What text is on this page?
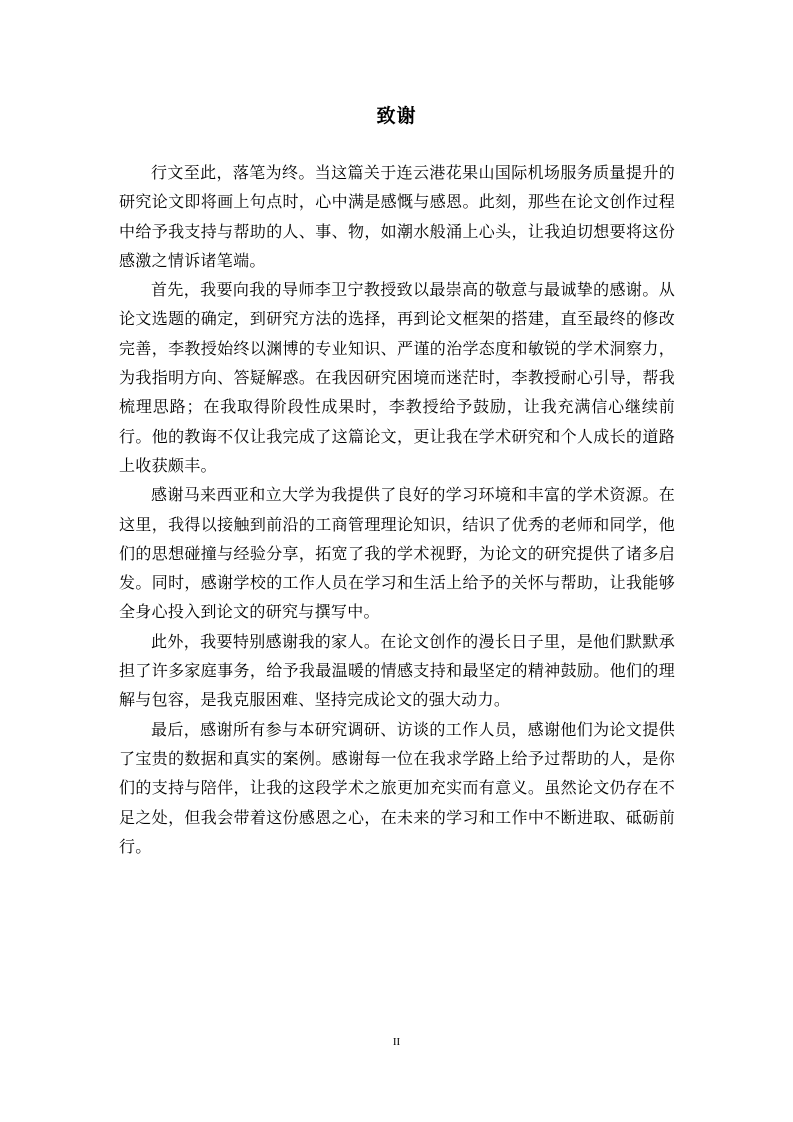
致谢

行文至此，落笔为终。当这篇关于连云港花果山国际机场服务质量提升的研究论文即将画上句点时，心中满是感慨与感恩。此刻，那些在论文创作过程中给予我支持与帮助的人、事、物，如潮水般涌上心头，让我迫切想要将这份感激之情诉诸笔端。

首先，我要向我的导师李卫宁教授致以最崇高的敬意与最诚挚的感谢。从论文选题的确定，到研究方法的选择，再到论文框架的搭建，直至最终的修改完善，李教授始终以渊博的专业知识、严谨的治学态度和敏锐的学术洞察力，为我指明方向、答疑解惑。在我因研究困境而迷茫时，李教授耐心引导，帮我梳理思路；在我取得阶段性成果时，李教授给予鼓励，让我充满信心继续前行。他的教诲不仅让我完成了这篇论文，更让我在学术研究和个人成长的道路上收获颇丰。

感谢马来西亚和立大学为我提供了良好的学习环境和丰富的学术资源。在这里，我得以接触到前沿的工商管理理论知识，结识了优秀的老师和同学，他们的思想碰撞与经验分享，拓宽了我的学术视野，为论文的研究提供了诸多启发。同时，感谢学校的工作人员在学习和生活上给予的关怀与帮助，让我能够全身心投入到论文的研究与撰写中。

此外，我要特别感谢我的家人。在论文创作的漫长日子里，是他们默默承担了许多家庭事务，给予我最温暖的情感支持和最坚定的精神鼓励。他们的理解与包容，是我克服困难、坚持完成论文的强大动力。

最后，感谢所有参与本研究调研、访谈的工作人员，感谢他们为论文提供了宝贵的数据和真实的案例。感谢每一位在我求学路上给予过帮助的人，是你们的支持与陪伴，让我的这段学术之旅更加充实而有意义。虽然论文仍存在不足之处，但我会带着这份感恩之心，在未来的学习和工作中不断进取、砥砺前行。

II
